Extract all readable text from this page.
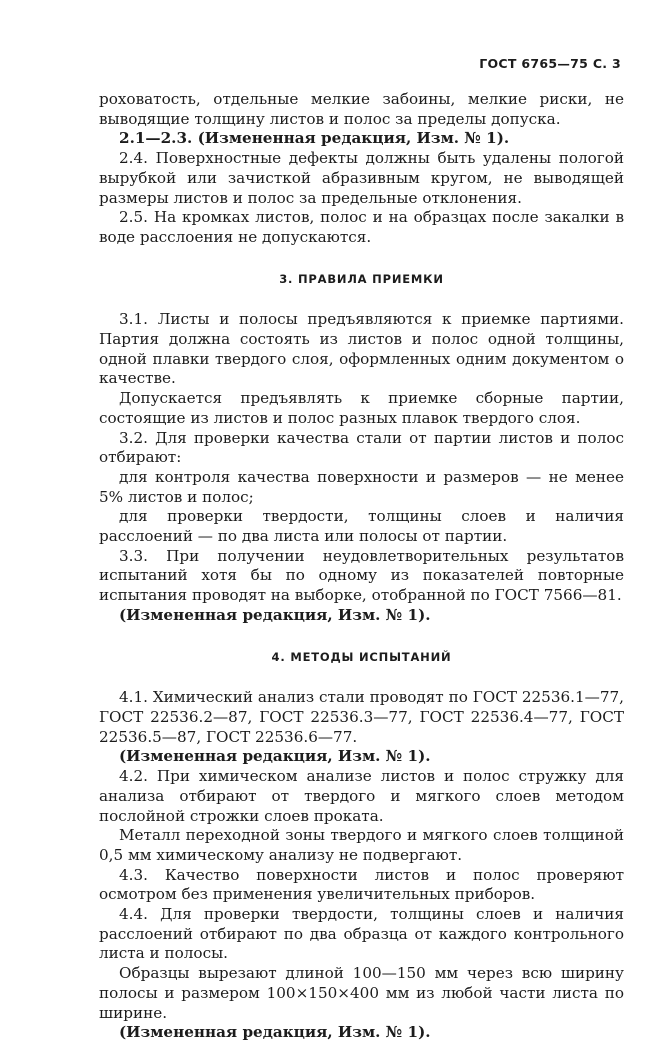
ГОСТ 6765—75 С. 3

роховатость, отдельные мелкие забоины, мелкие риски, не выводящие толщину листов и полос за пределы допуска.

2.1—2.3. (Измененная редакция, Изм. № 1).

2.4. Поверхностные дефекты должны быть удалены пологой вырубкой или зачисткой абразивным кругом, не выводящей размеры листов и полос за предельные отклонения.

2.5. На кромках листов, полос и на образцах после закалки в воде расслоения не допускаются.

3. ПРАВИЛА ПРИЕМКИ

3.1. Листы и полосы предъявляются к приемке партиями. Партия должна состоять из листов и полос одной толщины, одной плавки твердого слоя, оформленных одним документом о качестве.

Допускается предъявлять к приемке сборные партии, состоящие из листов и полос разных плавок твердого слоя.

3.2. Для проверки качества стали от партии листов и полос отбирают:

для контроля качества поверхности и размеров — не менее 5% листов и полос;

для проверки твердости, толщины слоев и наличия расслоений — по два листа или полосы от партии.

3.3. При получении неудовлетворительных результатов испытаний хотя бы по одному из показателей повторные испытания проводят на выборке, отобранной по ГОСТ 7566—81.

(Измененная редакция, Изм. № 1).

4. МЕТОДЫ ИСПЫТАНИЙ

4.1. Химический анализ стали проводят по ГОСТ 22536.1—77, ГОСТ 22536.2—87, ГОСТ 22536.3—77, ГОСТ 22536.4—77, ГОСТ 22536.5—87, ГОСТ 22536.6—77.

(Измененная редакция, Изм. № 1).

4.2. При химическом анализе листов и полос стружку для анализа отбирают от твердого и мягкого слоев методом послойной строжки слоев проката.

Металл переходной зоны твердого и мягкого слоев толщиной 0,5 мм химическому анализу не подвергают.

4.3. Качество поверхности листов и полос проверяют осмотром без применения увеличительных приборов.

4.4. Для проверки твердости, толщины слоев и наличия расслоений отбирают по два образца от каждого контрольного листа и полосы.

Образцы вырезают длиной 100—150 мм через всю ширину полосы и размером 100×150×400 мм из любой части листа по ширине.

(Измененная редакция, Изм. № 1).
